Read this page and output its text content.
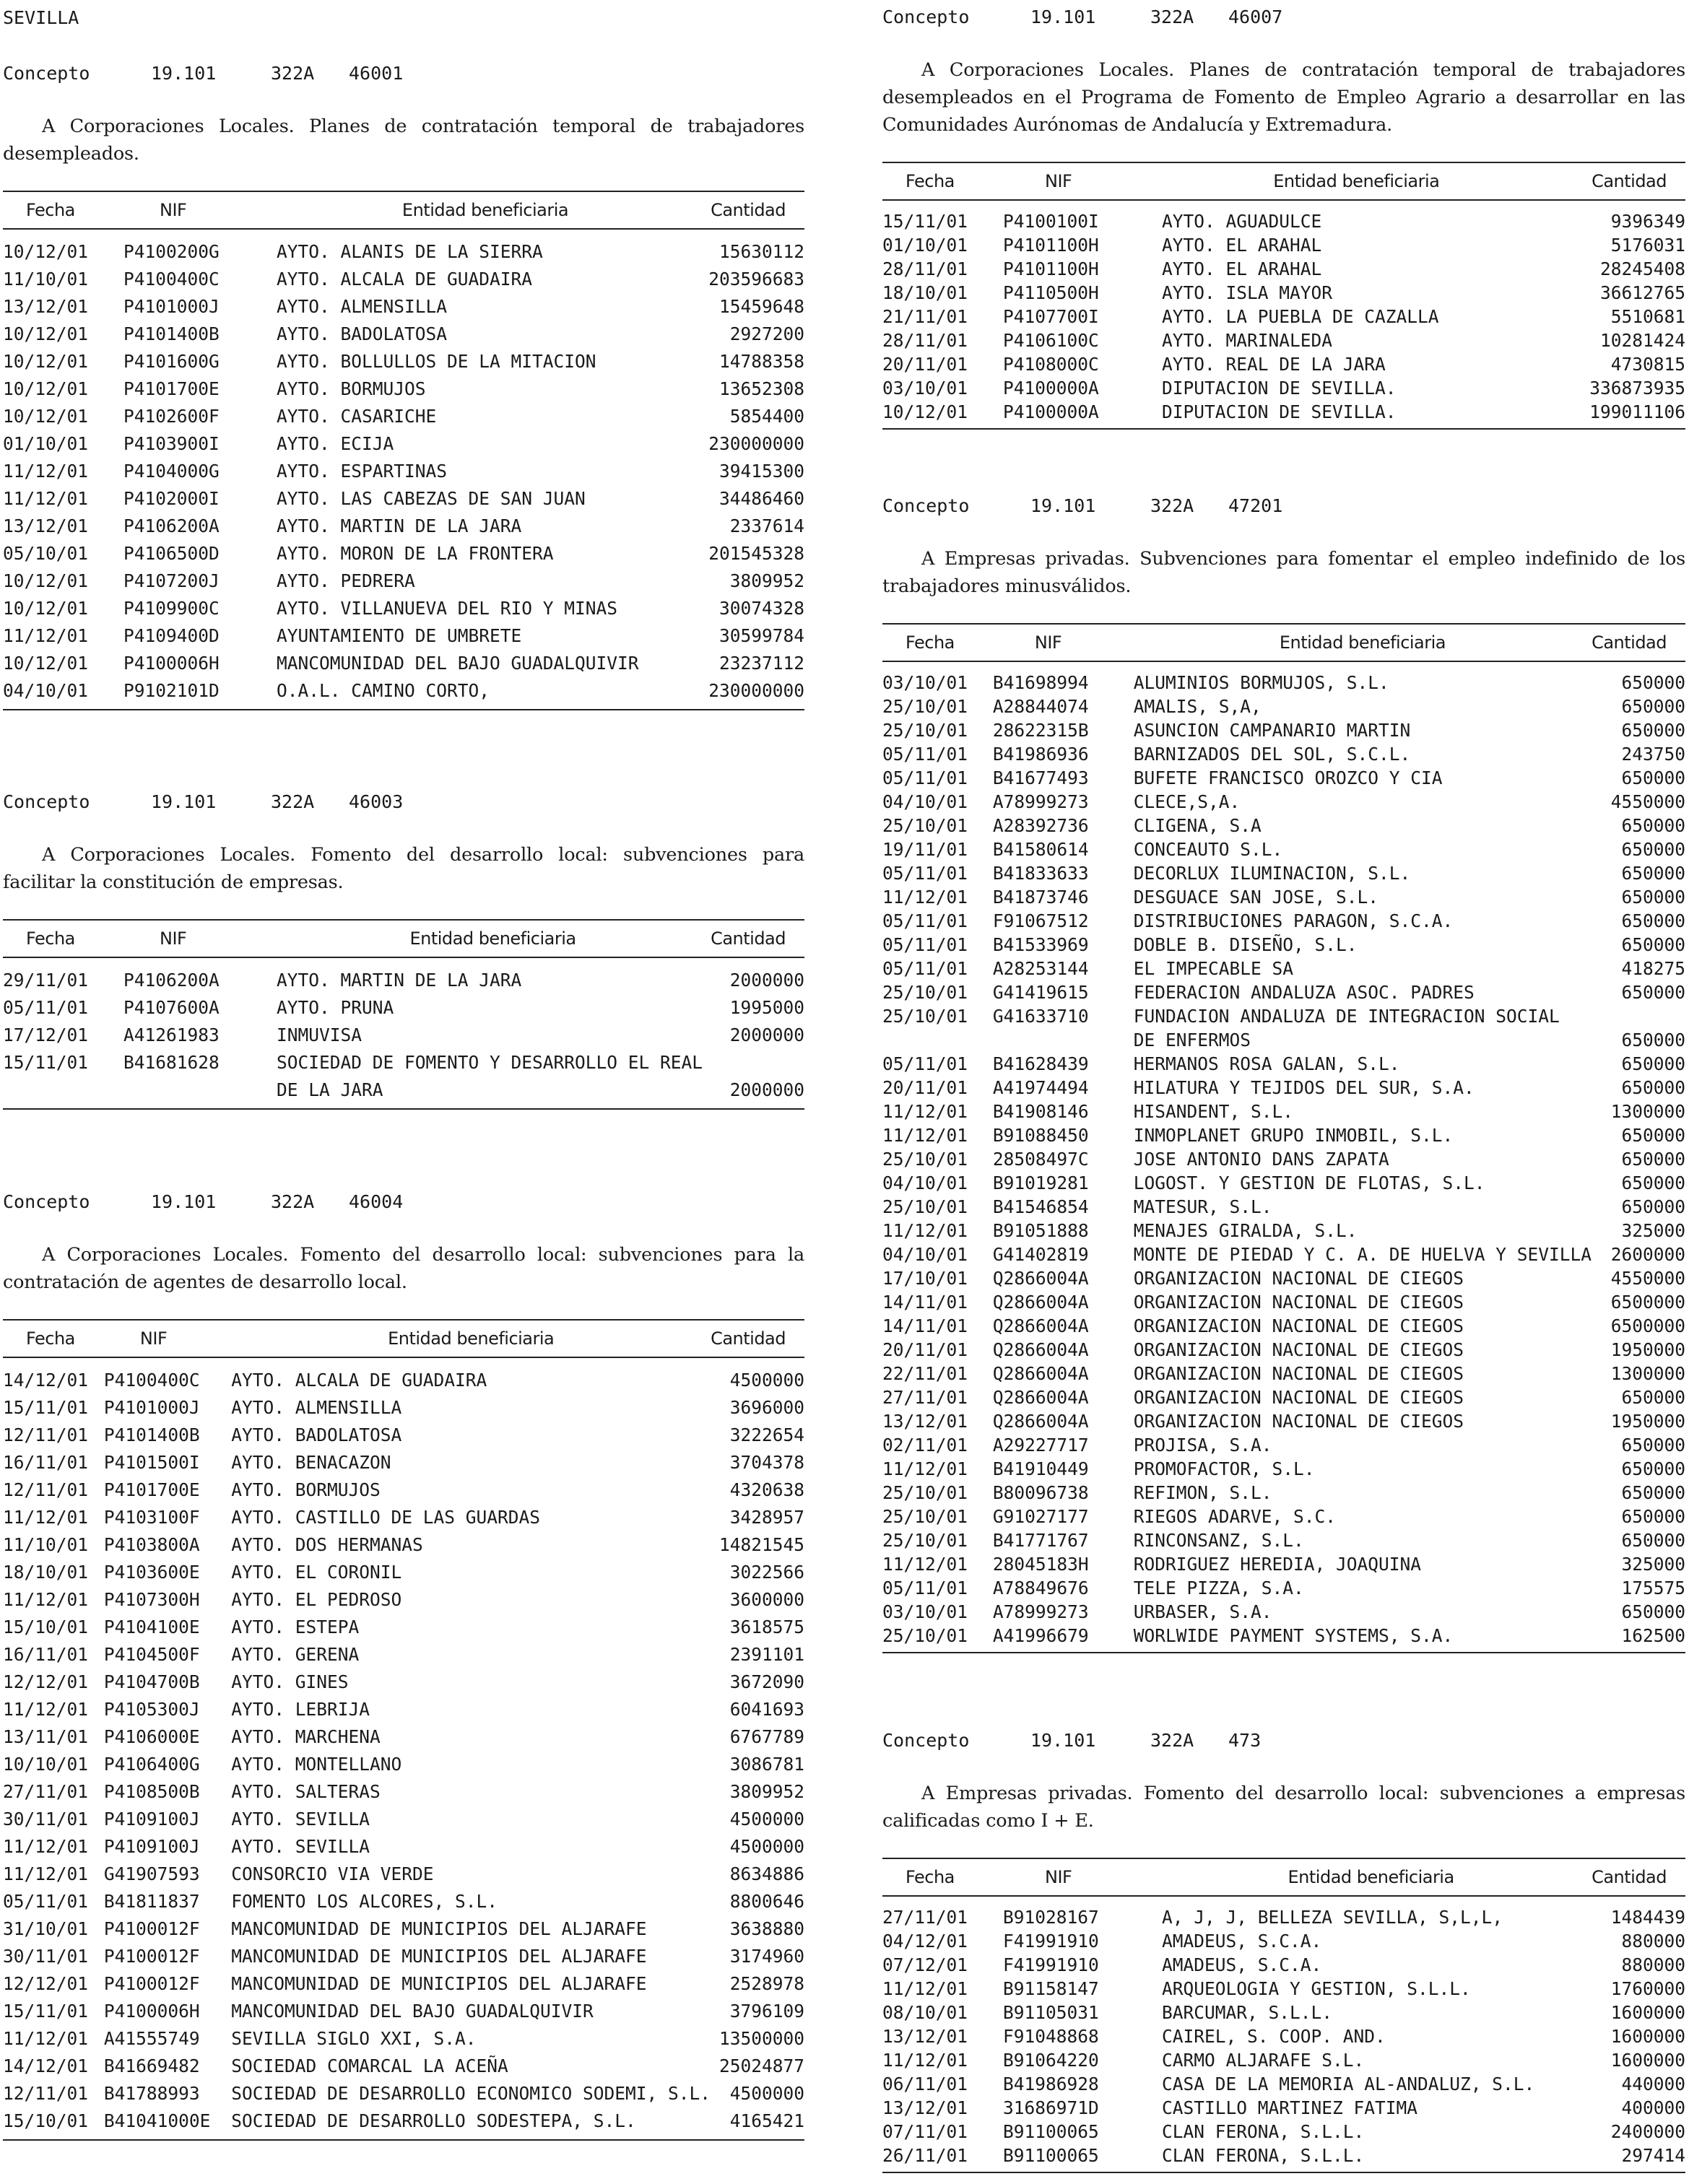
SEVILLA
Concepto	19.101	322A 46001
A Corporaciones Locales. Planes de contratación temporal de trabajadores desempleados.
Fecha	NIF	Entidad beneficiaria	Cantidad
10/12/01	P4100200G	AYTO. ALANIS DE LA SIERRA	15630112
11/10/01	P4100400C	AYTO. ALCALA DE GUADAIRA	203596683
13/12/01	P4101000J	AYTO. ALMENSILLA	15459648
10/12/01	P4101400B	AYTO. BADOLATOSA	2927200
10/12/01	P4101600G	AYTO. BOLLULLOS DE LA MITACION	14788358
10/12/01	P4101700E	AYTO. BORMUJOS	13652308
10/12/01	P4102600F	AYTO. CASARICHE	5854400
01/10/01	P4103900I	AYTO. ECIJA	230000000
11/12/01	P4104000G	AYTO. ESPARTINAS	39415300
11/12/01	P4102000I	AYTO. LAS CABEZAS DE SAN JUAN	34486460
13/12/01	P4106200A	AYTO. MARTIN DE LA JARA	2337614
05/10/01	P4106500D	AYTO. MORON DE LA FRONTERA	201545328
10/12/01	P4107200J	AYTO. PEDRERA	3809952
10/12/01	P4109900C	AYTO. VILLANUEVA DEL RIO Y MINAS	30074328
11/12/01	P4109400D	AYUNTAMIENTO DE UMBRETE	30599784
10/12/01	P4100006H	MANCOMUNIDAD DEL BAJO GUADALQUIVIR	23237112
04/10/01	P9102101D	O.A.L. CAMINO CORTO,	230000000
Concepto	19.101	322A 46003
A Corporaciones Locales. Fomento del desarrollo local: subvenciones para facilitar la constitución de empresas.
Fecha	NIF	Entidad beneficiaria	Cantidad
29/11/01	P4106200A	AYTO. MARTIN DE LA JARA	2000000
05/11/01	P4107600A	AYTO. PRUNA	1995000
17/12/01	A41261983	INMUVISA	2000000
15/11/01	B41681628	SOCIEDAD DE FOMENTO Y DESARROLLO EL REAL	
		DE LA JARA	2000000
Concepto	19.101	322A 46004
A Corporaciones Locales. Fomento del desarrollo local: subvenciones para la contratación de agentes de desarrollo local.
Fecha	NIF	Entidad beneficiaria	Cantidad
14/12/01	P4100400C	AYTO. ALCALA DE GUADAIRA	4500000
15/11/01	P4101000J	AYTO. ALMENSILLA	3696000
12/11/01	P4101400B	AYTO. BADOLATOSA	3222654
16/11/01	P4101500I	AYTO. BENACAZON	3704378
12/11/01	P4101700E	AYTO. BORMUJOS	4320638
11/12/01	P4103100F	AYTO. CASTILLO DE LAS GUARDAS	3428957
11/10/01	P4103800A	AYTO. DOS HERMANAS	14821545
18/10/01	P4103600E	AYTO. EL CORONIL	3022566
11/12/01	P4107300H	AYTO. EL PEDROSO	3600000
15/10/01	P4104100E	AYTO. ESTEPA	3618575
16/11/01	P4104500F	AYTO. GERENA	2391101
12/12/01	P4104700B	AYTO. GINES	3672090
11/12/01	P4105300J	AYTO. LEBRIJA	6041693
13/11/01	P4106000E	AYTO. MARCHENA	6767789
10/10/01	P4106400G	AYTO. MONTELLANO	3086781
27/11/01	P4108500B	AYTO. SALTERAS	3809952
30/11/01	P4109100J	AYTO. SEVILLA	4500000
11/12/01	P4109100J	AYTO. SEVILLA	4500000
11/12/01	G41907593	CONSORCIO VIA VERDE	8634886
05/11/01	B41811837	FOMENTO LOS ALCORES, S.L.	8800646
31/10/01	P4100012F	MANCOMUNIDAD DE MUNICIPIOS DEL ALJARAFE	3638880
30/11/01	P4100012F	MANCOMUNIDAD DE MUNICIPIOS DEL ALJARAFE	3174960
12/12/01	P4100012F	MANCOMUNIDAD DE MUNICIPIOS DEL ALJARAFE	2528978
15/11/01	P4100006H	MANCOMUNIDAD DEL BAJO GUADALQUIVIR	3796109
11/12/01	A41555749	SEVILLA SIGLO XXI, S.A.	13500000
14/12/01	B41669482	SOCIEDAD COMARCAL LA ACEÑA	25024877
12/11/01	B41788993	SOCIEDAD DE DESARROLLO ECONOMICO SODEMI, S.L.	4500000
15/10/01	B41041000E	SOCIEDAD DE DESARROLLO SODESTEPA, S.L.	4165421
Concepto	19.101	322A 46007
A Corporaciones Locales. Planes de contratación temporal de trabajadores desempleados en el Programa de Fomento de Empleo Agrario a desarrollar en las Comunidades Aurónomas de Andalucía y Extremadura.
Fecha	NIF	Entidad beneficiaria	Cantidad
15/11/01	P4100100I	AYTO. AGUADULCE	9396349
01/10/01	P4101100H	AYTO. EL ARAHAL	5176031
28/11/01	P4101100H	AYTO. EL ARAHAL	28245408
18/10/01	P4110500H	AYTO. ISLA MAYOR	36612765
21/11/01	P4107700I	AYTO. LA PUEBLA DE CAZALLA	5510681
28/11/01	P4106100C	AYTO. MARINALEDA	10281424
20/11/01	P4108000C	AYTO. REAL DE LA JARA	4730815
03/10/01	P4100000A	DIPUTACION DE SEVILLA.	336873935
10/12/01	P4100000A	DIPUTACION DE SEVILLA.	199011106
Concepto	19.101	322A 47201
A Empresas privadas. Subvenciones para fomentar el empleo indefinido de los trabajadores minusválidos.
Fecha	NIF	Entidad beneficiaria	Cantidad
03/10/01	B41698994	ALUMINIOS BORMUJOS, S.L.	650000
25/10/01	A28844074	AMALIS, S,A,	650000
25/10/01	28622315B	ASUNCION CAMPANARIO MARTIN	650000
05/11/01	B41986936	BARNIZADOS DEL SOL, S.C.L.	243750
05/11/01	B41677493	BUFETE FRANCISCO OROZCO Y CIA	650000
04/10/01	A78999273	CLECE,S,A.	4550000
25/10/01	A28392736	CLIGENA, S.A	650000
19/11/01	B41580614	CONCEAUTO S.L.	650000
05/11/01	B41833633	DECORLUX ILUMINACION, S.L.	650000
11/12/01	B41873746	DESGUACE SAN JOSE, S.L.	650000
05/11/01	F91067512	DISTRIBUCIONES PARAGON, S.C.A.	650000
05/11/01	B41533969	DOBLE B. DISEÑO, S.L.	650000
05/11/01	A28253144	EL IMPECABLE SA	418275
25/10/01	G41419615	FEDERACION ANDALUZA ASOC. PADRES	650000
25/10/01	G41633710	FUNDACION ANDALUZA DE INTEGRACION SOCIAL	
		DE ENFERMOS	650000
05/11/01	B41628439	HERMANOS ROSA GALAN, S.L.	650000
20/11/01	A41974494	HILATURA Y TEJIDOS DEL SUR, S.A.	650000
11/12/01	B41908146	HISANDENT, S.L.	1300000
11/12/01	B91088450	INMOPLANET GRUPO INMOBIL, S.L.	650000
25/10/01	28508497C	JOSE ANTONIO DANS ZAPATA	650000
04/10/01	B91019281	LOGOST. Y GESTION DE FLOTAS, S.L.	650000
25/10/01	B41546854	MATESUR, S.L.	650000
11/12/01	B91051888	MENAJES GIRALDA, S.L.	325000
04/10/01	G41402819	MONTE DE PIEDAD Y C. A. DE HUELVA Y SEVILLA	2600000
17/10/01	Q2866004A	ORGANIZACION NACIONAL DE CIEGOS	4550000
14/11/01	Q2866004A	ORGANIZACION NACIONAL DE CIEGOS	6500000
14/11/01	Q2866004A	ORGANIZACION NACIONAL DE CIEGOS	6500000
20/11/01	Q2866004A	ORGANIZACION NACIONAL DE CIEGOS	1950000
22/11/01	Q2866004A	ORGANIZACION NACIONAL DE CIEGOS	1300000
27/11/01	Q2866004A	ORGANIZACION NACIONAL DE CIEGOS	650000
13/12/01	Q2866004A	ORGANIZACION NACIONAL DE CIEGOS	1950000
02/11/01	A29227717	PROJISA, S.A.	650000
11/12/01	B41910449	PROMOFACTOR, S.L.	650000
25/10/01	B80096738	REFIMON, S.L.	650000
25/10/01	G91027177	RIEGOS ADARVE, S.C.	650000
25/10/01	B41771767	RINCONSANZ, S.L.	650000
11/12/01	28045183H	RODRIGUEZ HEREDIA, JOAQUINA	325000
05/11/01	A78849676	TELE PIZZA, S.A.	175575
03/10/01	A78999273	URBASER, S.A.	650000
25/10/01	A41996679	WORLWIDE PAYMENT SYSTEMS, S.A.	162500
Concepto	19.101	322A 473
A Empresas privadas. Fomento del desarrollo local: subvenciones a empresas calificadas como I + E.
Fecha	NIF	Entidad beneficiaria	Cantidad
27/11/01	B91028167	A, J, J, BELLEZA SEVILLA, S,L,L,	1484439
04/12/01	F41991910	AMADEUS, S.C.A.	880000
07/12/01	F41991910	AMADEUS, S.C.A.	880000
11/12/01	B91158147	ARQUEOLOGIA Y GESTION, S.L.L.	1760000
08/10/01	B91105031	BARCUMAR, S.L.L.	1600000
13/12/01	F91048868	CAIREL, S. COOP. AND.	1600000
11/12/01	B91064220	CARMO ALJARAFE S.L.	1600000
06/11/01	B41986928	CASA DE LA MEMORIA AL-ANDALUZ, S.L.	440000
13/12/01	31686971D	CASTILLO MARTINEZ FATIMA	400000
07/11/01	B91100065	CLAN FERONA, S.L.L.	2400000
26/11/01	B91100065	CLAN FERONA, S.L.L.	297414
